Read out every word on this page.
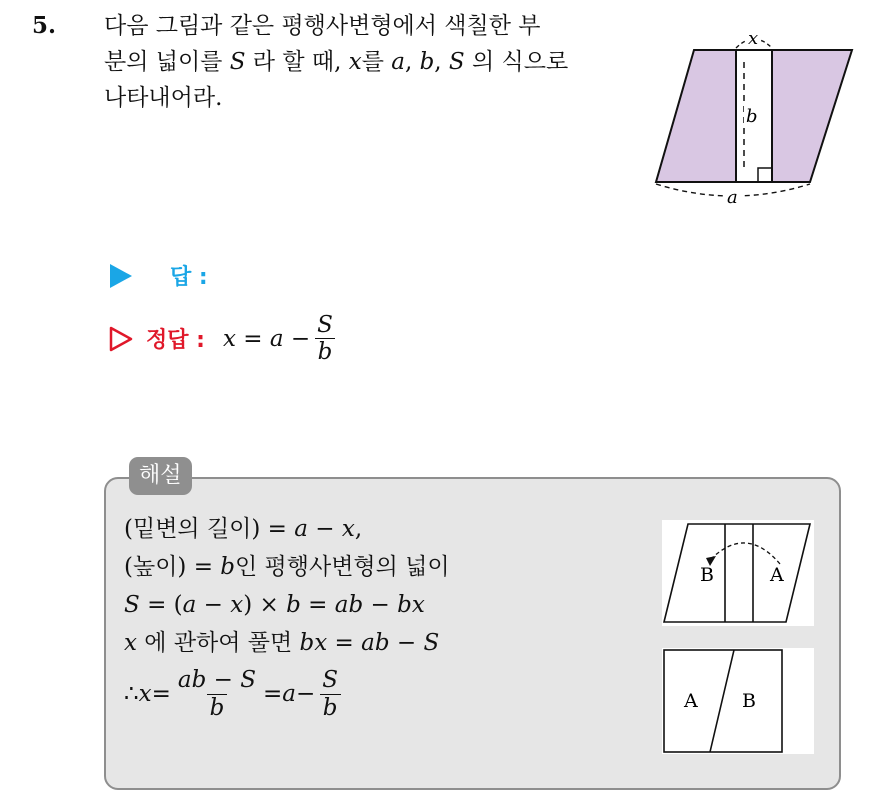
5. 다음 그림과 같은 평행사변형에서 색칠한 부
분의 넓이를 S 라 할 때, x를 a, b, S 의 식으로
나타내어라.
x
b
a
답 :
정답 : $x = a - \frac{S}{b}$
해설
(밑변의 길이) = a − x,
(높이) = b인 평행사변형의 넓이
S = (a − x) × b = ab − bx
x 에 관하여 풀면 bx = ab − S
∴ $x = \frac{ab - S}{b} = a - \frac{S}{b}$
B	A
A B
